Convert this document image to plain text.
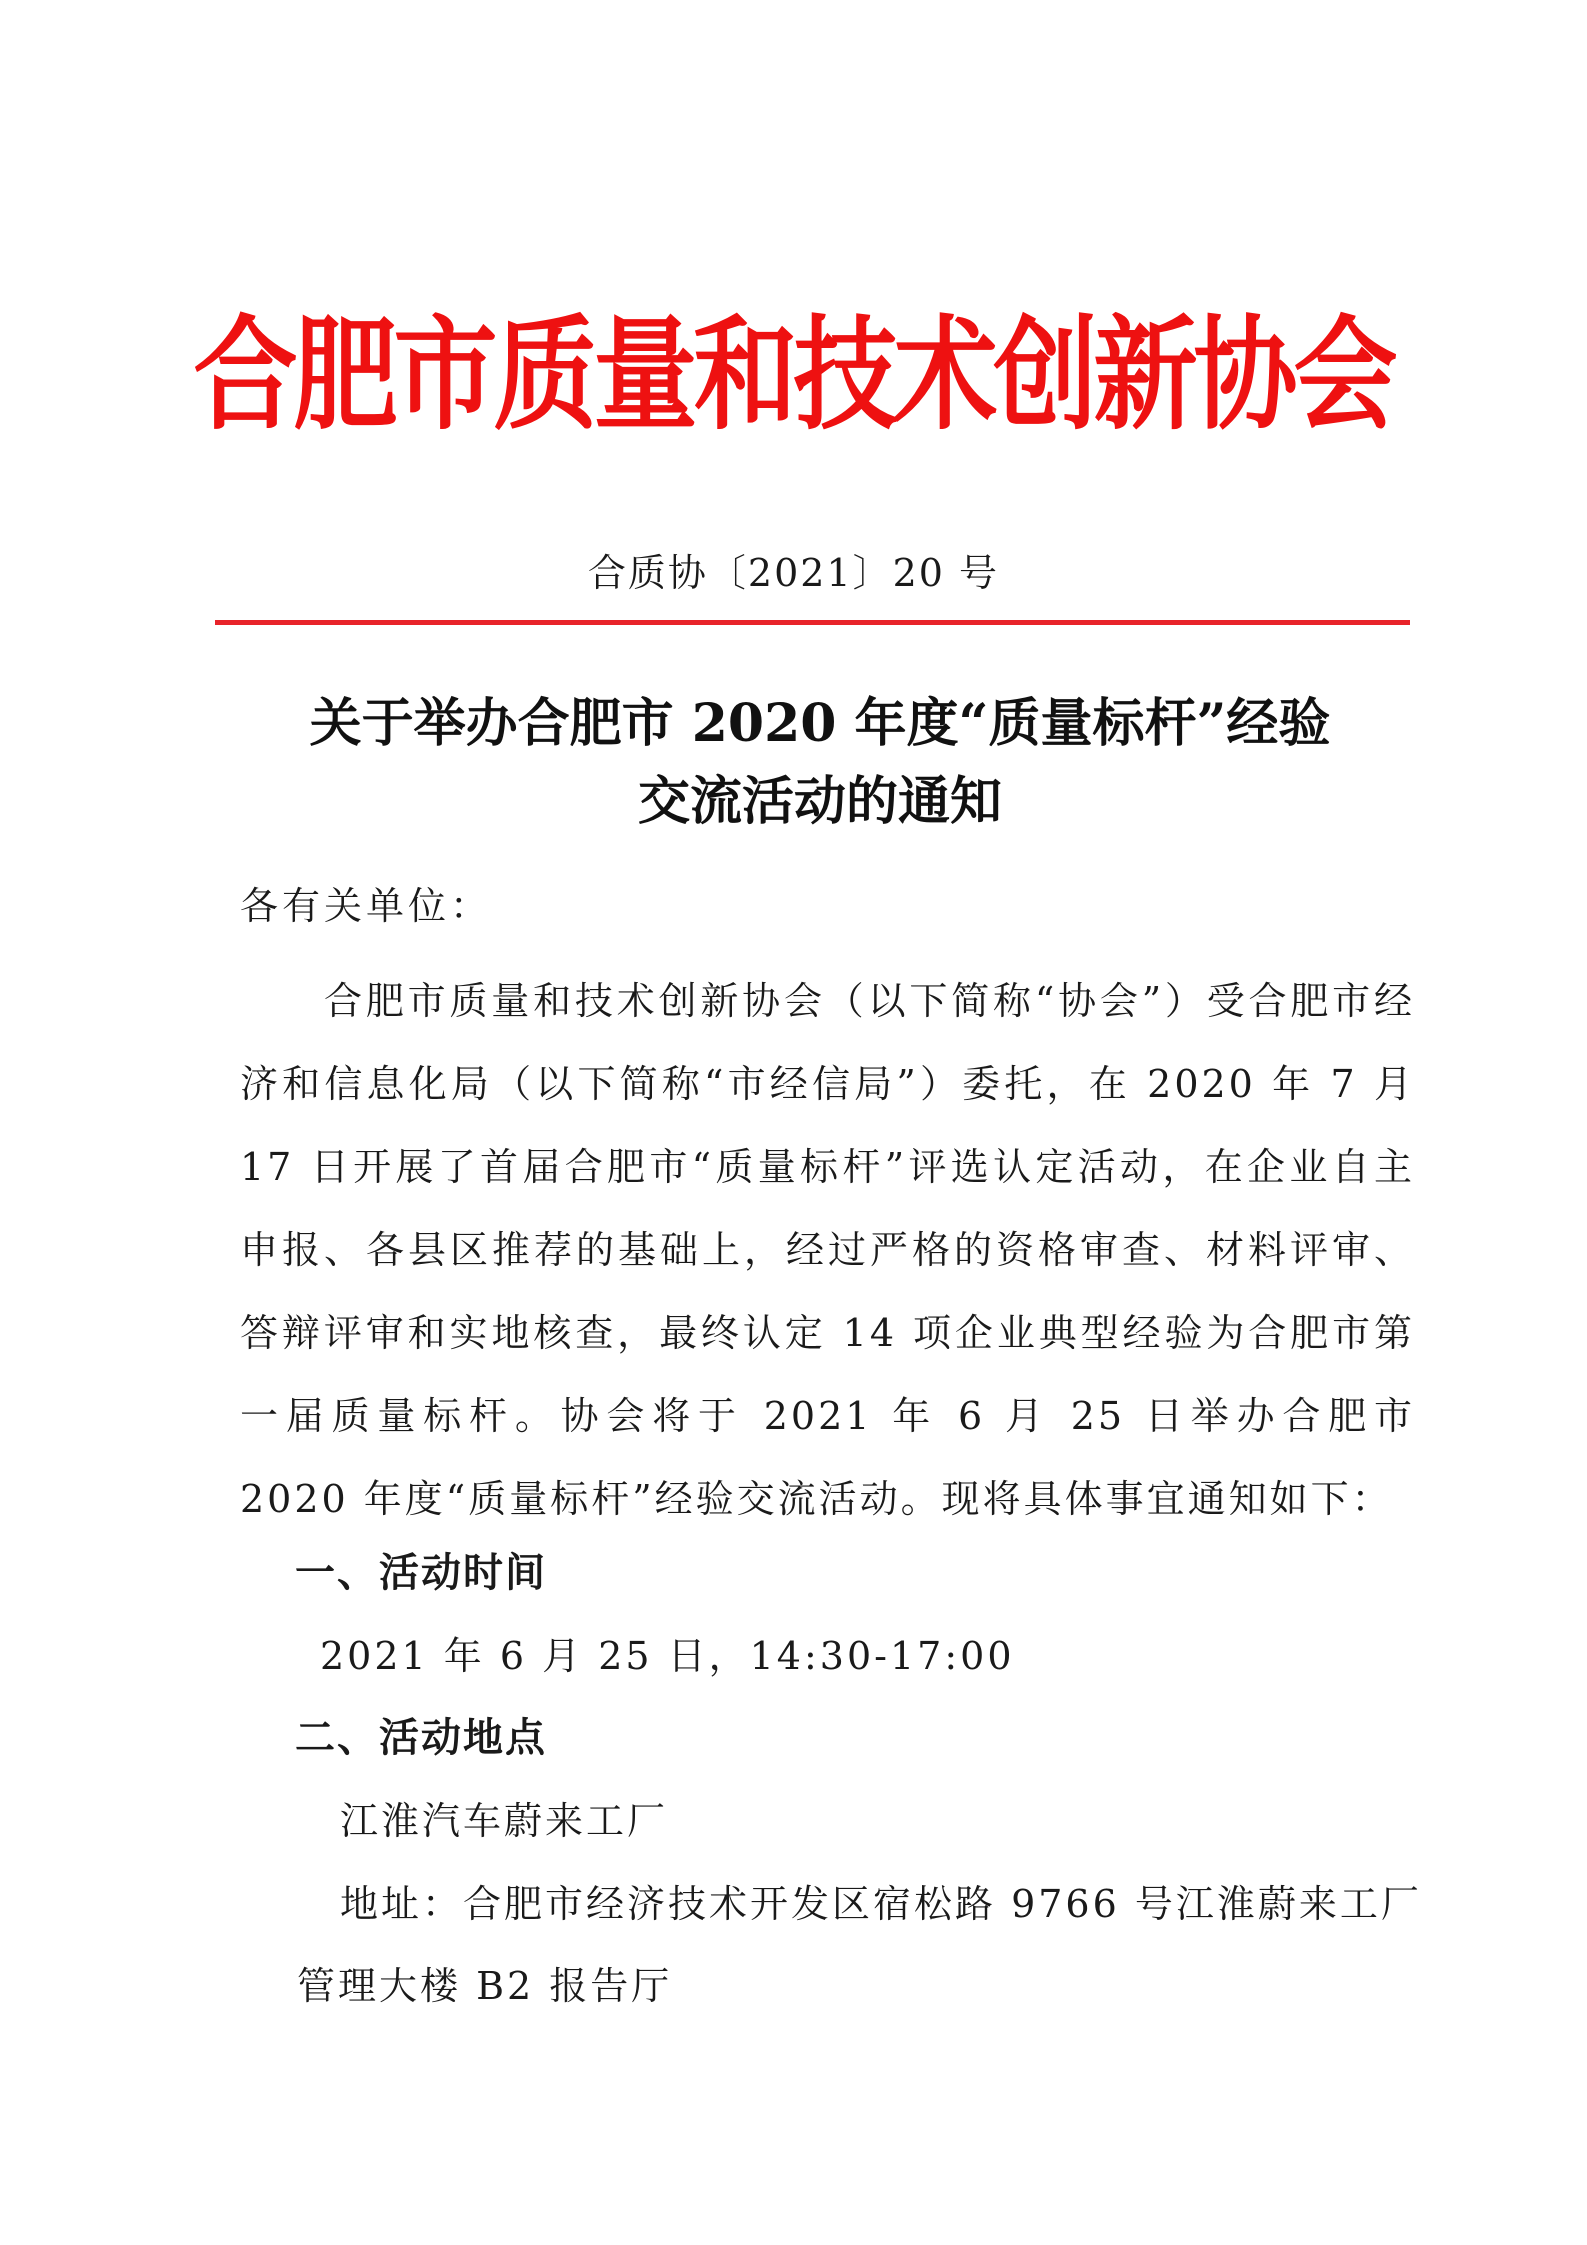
合肥市质量和技术创新协会
合质协〔2021〕20 号
关于举办合肥市 2020 年度“质量标杆”经验
交流活动的通知
各有关单位：
合肥市质量和技术创新协会（以下简称“协会”）受合肥市经济和信息化局（以下简称“市经信局”）委托，在 2020 年 7 月 17 日开展了首届合肥市“质量标杆”评选认定活动，在企业自主申报、各县区推荐的基础上，经过严格的资格审查、材料评审、答辩评审和实地核查，最终认定 14 项企业典型经验为合肥市第一届质量标杆。协会将于 2021 年 6 月 25 日举办合肥市 2020 年度“质量标杆”经验交流活动。现将具体事宜通知如下：
一、活动时间
2021 年 6 月 25 日，14:30-17:00
二、活动地点
江淮汽车蔚来工厂
地址：合肥市经济技术开发区宿松路 9766 号江淮蔚来工厂
管理大楼 B2 报告厅
